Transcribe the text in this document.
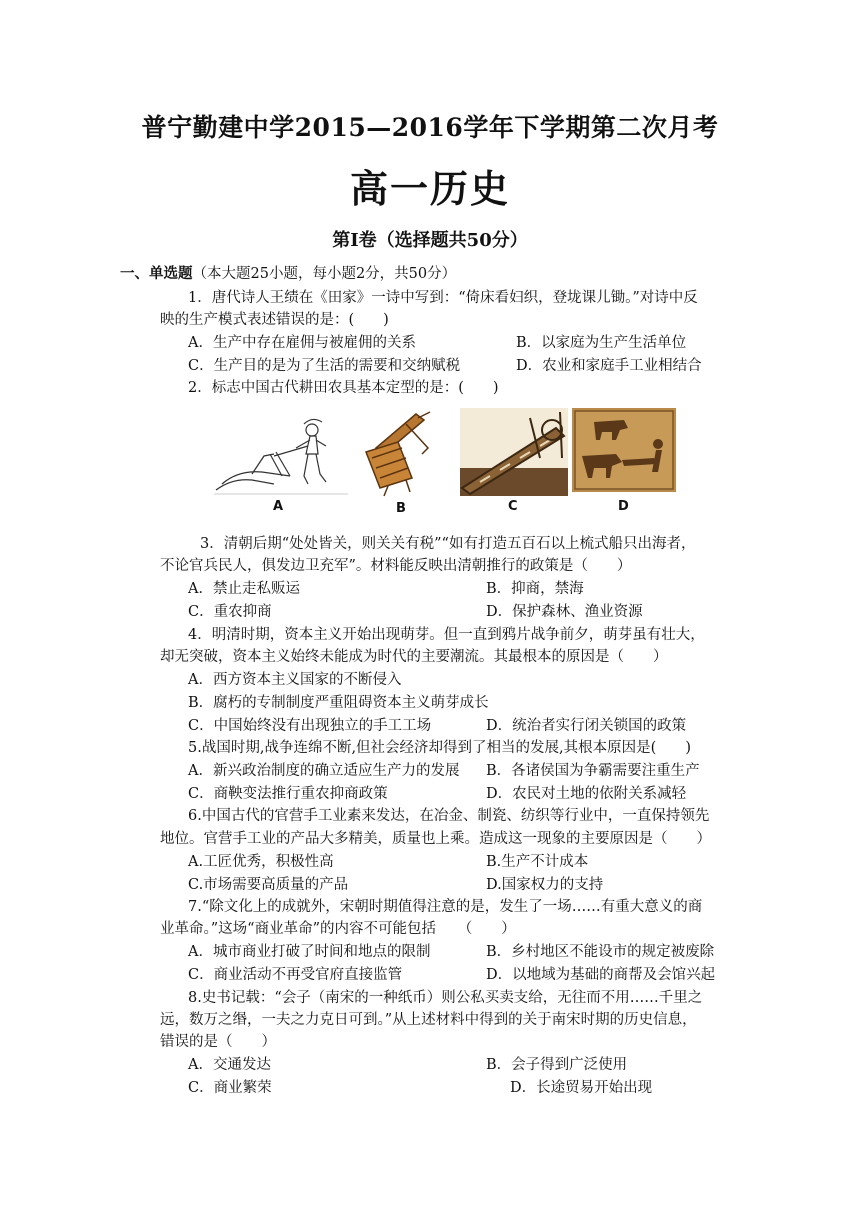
普宁勤建中学2015—2016学年下学期第二次月考
高一历史
第Ⅰ卷（选择题共50分）
一、单选题（本大题25小题，每小题2分，共50分）
1．唐代诗人王绩在《田家》一诗中写到：“倚床看妇织，登垅课儿锄。”对诗中反
映的生产模式表述错误的是：(　　)
A．生产中存在雇佣与被雇佣的关系	B．以家庭为生产生活单位
C．生产目的是为了生活的需要和交纳赋税	D．农业和家庭手工业相结合
2．标志中国古代耕田农具基本定型的是：(　　)
A	B	C	D
3．清朝后期“处处皆关，则关关有税”“如有打造五百石以上梳式船只出海者，
不论官兵民人，俱发边卫充军”。材料能反映出清朝推行的政策是（　　）
A．禁止走私贩运	B．抑商，禁海
C．重农抑商	D．保护森林、渔业资源
4．明清时期，资本主义开始出现萌芽。但一直到鸦片战争前夕，萌芽虽有壮大，
却无突破，资本主义始终未能成为时代的主要潮流。其最根本的原因是（　　）
A．西方资本主义国家的不断侵入
B．腐朽的专制制度严重阻碍资本主义萌芽成长
C．中国始终没有出现独立的手工工场	D．统治者实行闭关锁国的政策
5.战国时期,战争连绵不断,但社会经济却得到了相当的发展,其根本原因是(　　)
A．新兴政治制度的确立适应生产力的发展 B．各诸侯国为争霸需要注重生产
C．商鞅变法推行重农抑商政策	D．农民对土地的依附关系减轻
6.中国古代的官营手工业素来发达，在冶金、制瓷、纺织等行业中，一直保持领先
地位。官营手工业的产品大多精美，质量也上乘。造成这一现象的主要原因是（　　）
A.工匠优秀，积极性高	B.生产不计成本
C.市场需要高质量的产品	D.国家权力的支持
7.“除文化上的成就外，宋朝时期值得注意的是，发生了一场……有重大意义的商
业革命。”这场“商业革命”的内容不可能包括　　（　　）
A．城市商业打破了时间和地点的限制	B．乡村地区不能设市的规定被废除
C．商业活动不再受官府直接监管	D．以地域为基础的商帮及会馆兴起
8.史书记载：“会子（南宋的一种纸币）则公私买卖支给，无往而不用……千里之
远，数万之缗，一夫之力克日可到。”从上述材料中得到的关于南宋时期的历史信息，
错误的是（　　）
A．交通发达	B．会子得到广泛使用
C．商业繁荣	D．长途贸易开始出现
